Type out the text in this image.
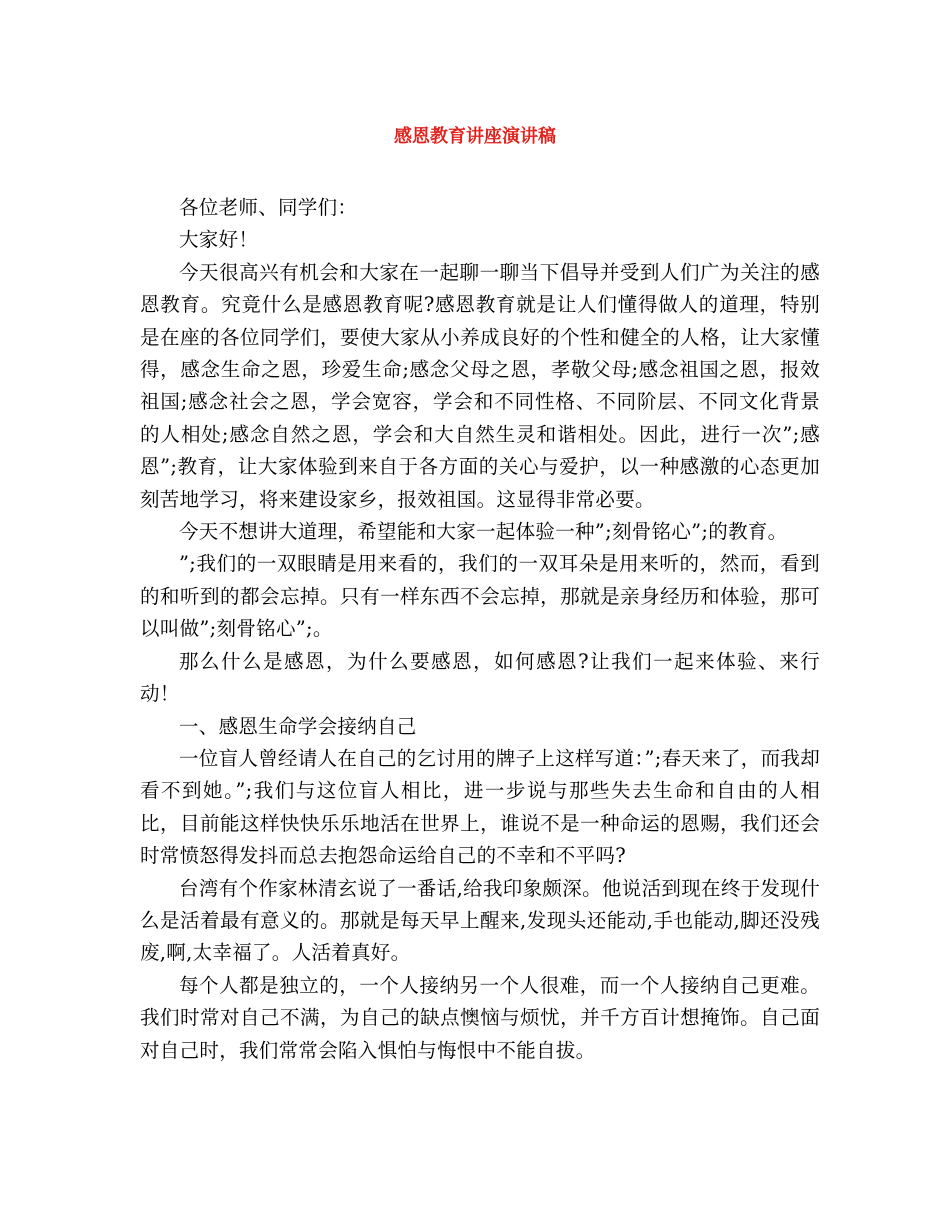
感恩教育讲座演讲稿

各位老师、同学们：

大家好！

今天很高兴有机会和大家在一起聊一聊当下倡导并受到人们广为关注的感恩教育。究竟什么是感恩教育呢?感恩教育就是让人们懂得做人的道理，特别是在座的各位同学们，要使大家从小养成良好的个性和健全的人格，让大家懂得，感念生命之恩，珍爱生命;感念父母之恩，孝敬父母;感念祖国之恩，报效祖国;感念社会之恩，学会宽容，学会和不同性格、不同阶层、不同文化背景的人相处;感念自然之恩，学会和大自然生灵和谐相处。因此，进行一次”;感恩”;教育，让大家体验到来自于各方面的关心与爱护，以一种感激的心态更加刻苦地学习，将来建设家乡，报效祖国。这显得非常必要。

今天不想讲大道理，希望能和大家一起体验一种”;刻骨铭心”;的教育。

”;我们的一双眼睛是用来看的，我们的一双耳朵是用来听的，然而，看到的和听到的都会忘掉。只有一样东西不会忘掉，那就是亲身经历和体验，那可以叫做”;刻骨铭心”;。

那么什么是感恩，为什么要感恩，如何感恩?让我们一起来体验、来行动！

一、感恩生命学会接纳自己

一位盲人曾经请人在自己的乞讨用的牌子上这样写道：”;春天来了，而我却看不到她。”;我们与这位盲人相比，进一步说与那些失去生命和自由的人相比，目前能这样快快乐乐地活在世界上，谁说不是一种命运的恩赐，我们还会时常愤怒得发抖而总去抱怨命运给自己的不幸和不平吗?

台湾有个作家林清玄说了一番话,给我印象颇深。他说活到现在终于发现什么是活着最有意义的。那就是每天早上醒来,发现头还能动,手也能动,脚还没残废,啊,太幸福了。人活着真好。

每个人都是独立的，一个人接纳另一个人很难，而一个人接纳自己更难。我们时常对自己不满，为自己的缺点懊恼与烦忧，并千方百计想掩饰。自己面对自己时，我们常常会陷入惧怕与悔恨中不能自拔。
